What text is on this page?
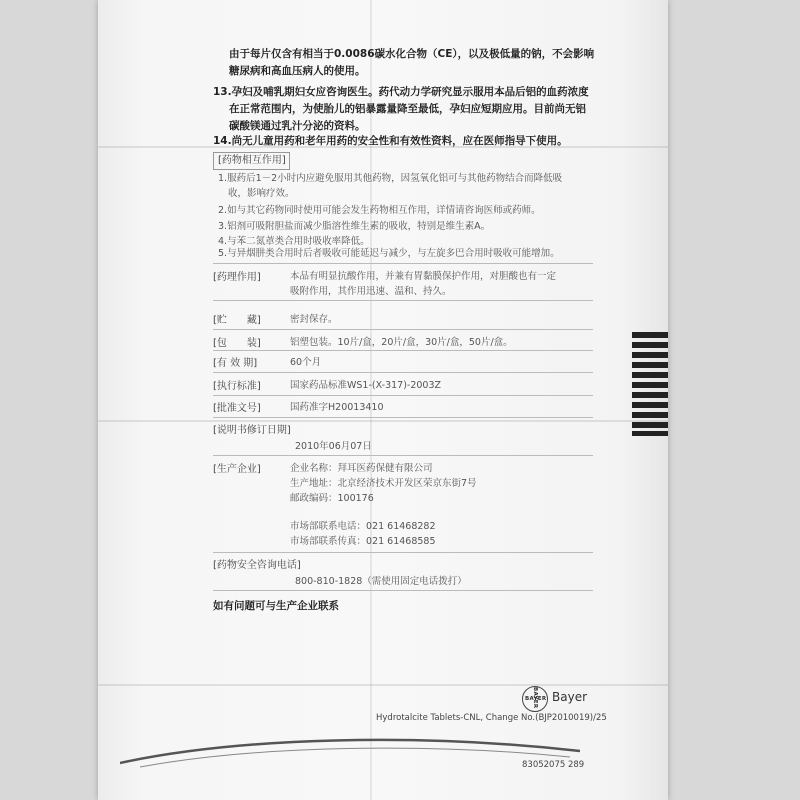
由于每片仅含有相当于0.0086碳水化合物（CE），以及极低量的钠，不会影响
糖尿病和高血压病人的使用。
13.孕妇及哺乳期妇女应咨询医生。药代动力学研究显示服用本品后铝的血药浓度
在正常范围内，为使胎儿的铝暴露量降至最低，孕妇应短期应用。目前尚无铝
碳酸镁通过乳汁分泌的资料。
14.尚无儿童用药和老年用药的安全性和有效性资料，应在医师指导下使用。
[药物相互作用]
1.服药后1－2小时内应避免服用其他药物，因氢氧化铝可与其他药物结合而降低吸
收，影响疗效。
2.如与其它药物同时使用可能会发生药物相互作用，详情请咨询医师或药师。
3.铝剂可吸附胆盐而减少脂溶性维生素的吸收，特别是维生素A。
4.与苯二氮䓬类合用时吸收率降低。
5.与异烟肼类合用时后者吸收可能延迟与减少，与左旋多巴合用时吸收可能增加。
[药理作用]	本品有明显抗酸作用，并兼有胃黏膜保护作用，对胆酸也有一定
吸附作用，其作用迅速、温和、持久。
[贮　　藏]	密封保存。
[包　　装]	铝塑包装。10片/盒，20片/盒，30片/盒，50片/盒。
[有 效 期]	60个月
[执行标准]	国家药品标准WS1-(X-317)-2003Z
[批准文号]	国药准字H20013410
[说明书修订日期]
2010年06月07日
[生产企业]	企业名称：拜耳医药保健有限公司
生产地址：北京经济技术开发区荣京东街7号
邮政编码：100176
市场部联系电话：021 61468282
市场部联系传真：021 61468585
[药物安全咨询电话]
800-810-1828（需使用固定电话拨打）
如有问题可与生产企业联系
BAYER
BAYER Bayer
Hydrotalcite Tablets-CNL, Change No.(BJP2010019)/25
83052075 289
